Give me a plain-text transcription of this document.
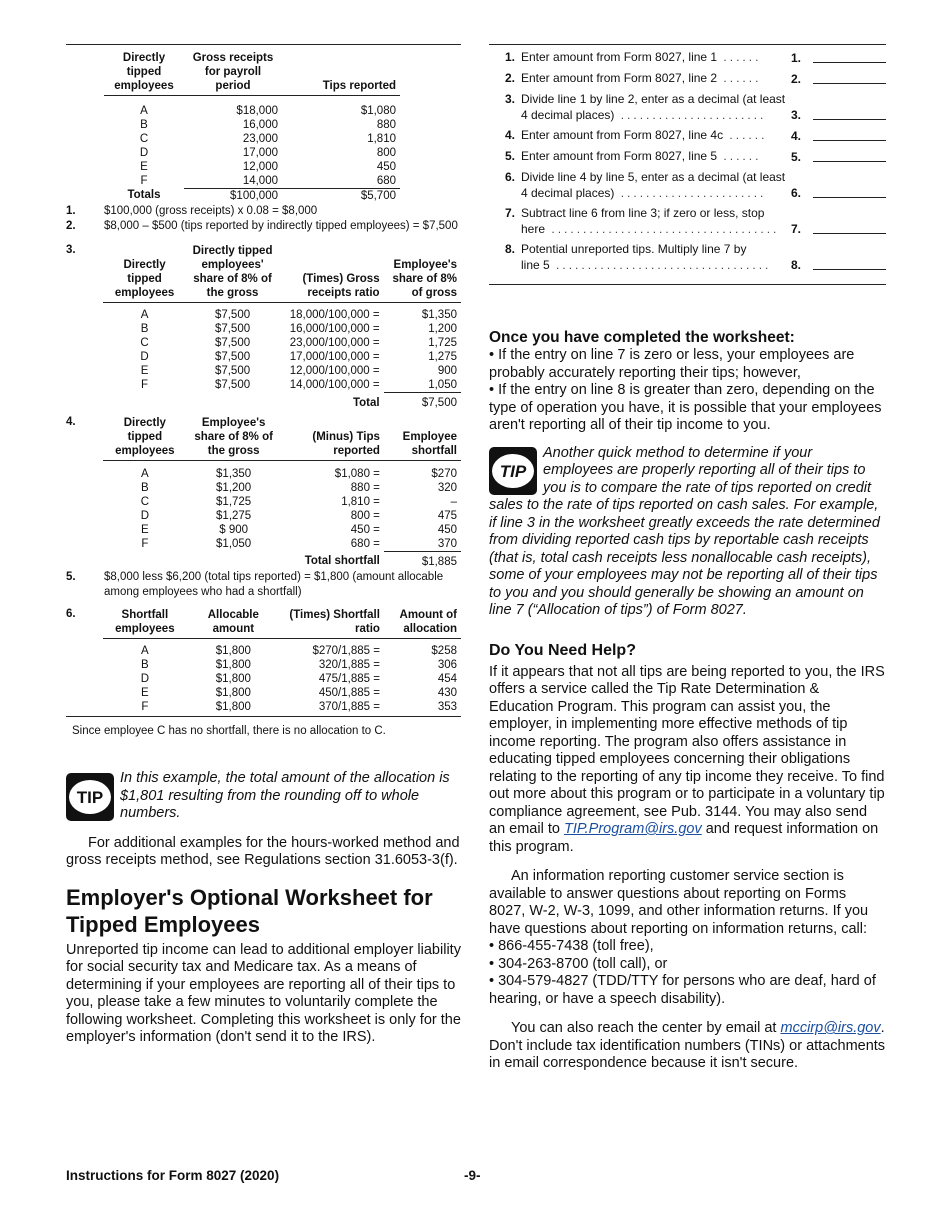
Directly tipped employees	Gross receipts for payroll period	Tips reported

A	$18,000	$1,080
B	16,000	880
C	23,000	1,810
D	17,000	800
E	12,000	450
F	14,000	680
Totals	$100,000	$5,700
1.	$100,000 (gross receipts) x 0.08 = $8,000
2.	$8,000 – $500 (tips reported by indirectly tipped employees) = $7,500
3.
Directly tipped employees	Directly tipped employees' share of 8% of the gross	(Times) Gross receipts ratio	Employee's share of 8% of gross

A	$7,500	18,000/100,000 =	$1,350
B	$7,500	16,000/100,000 =	1,200
C	$7,500	23,000/100,000 =	1,725
D	$7,500	17,000/100,000 =	1,275
E	$7,500	12,000/100,000 =	900
F	$7,500	14,000/100,000 =	1,050
		Total	$7,500
4.	Directly tipped employees	Employee's share of 8% of the gross	(Minus) Tips reported	Employee shortfall

A	$1,350	$1,080 =	$270
B	$1,200	880 =	320
C	$1,725	1,810 =	–
D	$1,275	800 =	475
E	$ 900	450 =	450
F	$1,050	680 =	370
		Total shortfall	$1,885
5.	$8,000 less $6,200 (total tips reported) = $1,800 (amount allocable among employees who had a shortfall)
6.	Shortfall employees	Allocable amount	(Times) Shortfall ratio	Amount of allocation

A	$1,800	$270/1,885 =	$258
B	$1,800	320/1,885 =	306
D	$1,800	475/1,885 =	454
E	$1,800	450/1,885 =	430
F	$1,800	370/1,885 =	353
Since employee C has no shortfall, there is no allocation to C.
TIP
In this example, the total amount of the allocation is $1,801 resulting from the rounding off to whole numbers.
For additional examples for the hours-worked method and gross receipts method, see Regulations section 31.6053-3(f).
Employer's Optional Worksheet for Tipped Employees
Unreported tip income can lead to additional employer liability for social security tax and Medicare tax. As a means of determining if your employees are reporting all of their tips to you, please take a few minutes to voluntarily complete the following worksheet. Completing this worksheet is only for the employer's information (don't send it to the IRS).
1. Enter amount from Form 8027, line 1 ......	1.
2. Enter amount from Form 8027, line 2 ......	2.
3. Divide line 1 by line 2, enter as a decimal (at least
4 decimal places) .......................	3.
4. Enter amount from Form 8027, line 4c ......	4.
5. Enter amount from Form 8027, line 5 ......	5.
6. Divide line 4 by line 5, enter as a decimal (at least
4 decimal places) .......................	6.
7. Subtract line 6 from line 3; if zero or less, stop
here .................................... 7.
8. Potential unreported tips. Multiply line 7 by
line 5 ..................................	8.
Once you have completed the worksheet:
• If the entry on line 7 is zero or less, your employees are probably accurately reporting their tips; however,
• If the entry on line 8 is greater than zero, depending on the type of operation you have, it is possible that your employees aren't reporting all of their tip income to you.
TIP
Another quick method to determine if your employees are properly reporting all of their tips to you is to compare the rate of tips reported on credit sales to the rate of tips reported on cash sales. For example, if line 3 in the worksheet greatly exceeds the rate determined from dividing reported cash tips by reportable cash receipts (that is, total cash receipts less nonallocable cash receipts), some of your employees may not be reporting all of their tips to you and you should generally be showing an amount on line 7 (“Allocation of tips”) of Form 8027.
Do You Need Help?
If it appears that not all tips are being reported to you, the IRS offers a service called the Tip Rate Determination & Education Program. This program can assist you, the employer, in implementing more effective methods of tip income reporting. The program also offers assistance in educating tipped employees concerning their obligations relating to the reporting of any tip income they receive. To find out more about this program or to participate in a voluntary tip compliance agreement, see Pub. 3144. You may also send an email to TIP.Program@irs.gov and request information on this program.
An information reporting customer service section is available to answer questions about reporting on Forms 8027, W-2, W-3, 1099, and other information returns. If you have questions about reporting on information returns, call:
• 866-455-7438 (toll free),
• 304-263-8700 (toll call), or
• 304-579-4827 (TDD/TTY for persons who are deaf, hard of hearing, or have a speech disability).
You can also reach the center by email at mccirp@irs.gov. Don't include tax identification numbers (TINs) or attachments in email correspondence because it isn't secure.
Instructions for Form 8027 (2020)	-9-
